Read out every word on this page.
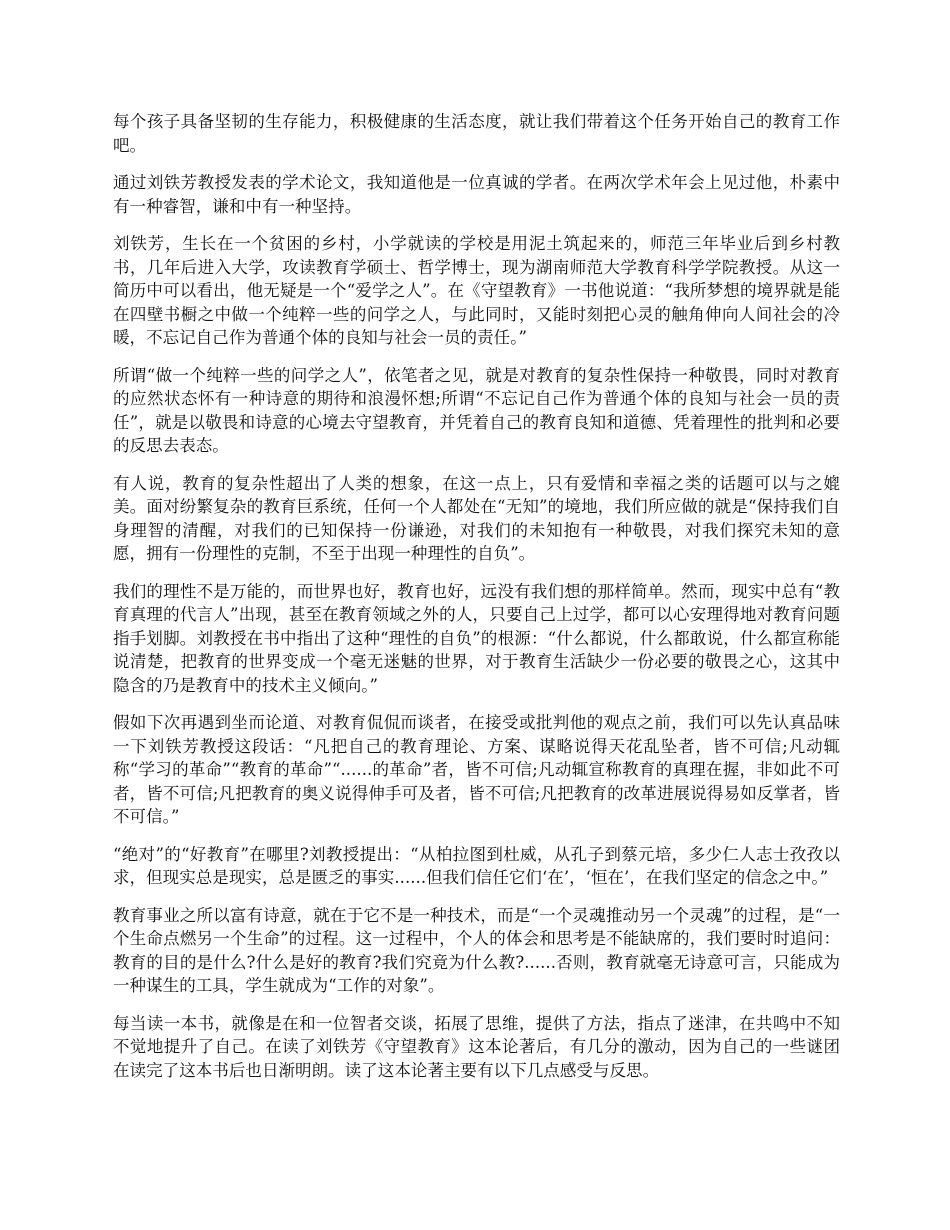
每个孩子具备坚韧的生存能力，积极健康的生活态度，就让我们带着这个任务开始自己的教育工作吧。

通过刘铁芳教授发表的学术论文，我知道他是一位真诚的学者。在两次学术年会上见过他，朴素中有一种睿智，谦和中有一种坚持。

刘铁芳，生长在一个贫困的乡村，小学就读的学校是用泥土筑起来的，师范三年毕业后到乡村教书，几年后进入大学，攻读教育学硕士、哲学博士，现为湖南师范大学教育科学学院教授。从这一简历中可以看出，他无疑是一个“爱学之人”。在《守望教育》一书他说道：“我所梦想的境界就是能在四壁书橱之中做一个纯粹一些的问学之人，与此同时，又能时刻把心灵的触角伸向人间社会的冷暖，不忘记自己作为普通个体的良知与社会一员的责任。”

所谓“做一个纯粹一些的问学之人”，依笔者之见，就是对教育的复杂性保持一种敬畏，同时对教育的应然状态怀有一种诗意的期待和浪漫怀想;所谓“不忘记自己作为普通个体的良知与社会一员的责任”，就是以敬畏和诗意的心境去守望教育，并凭着自己的教育良知和道德、凭着理性的批判和必要的反思去表态。

有人说，教育的复杂性超出了人类的想象，在这一点上，只有爱情和幸福之类的话题可以与之媲美。面对纷繁复杂的教育巨系统，任何一个人都处在“无知”的境地，我们所应做的就是“保持我们自身理智的清醒，对我们的已知保持一份谦逊，对我们的未知抱有一种敬畏，对我们探究未知的意愿，拥有一份理性的克制，不至于出现一种理性的自负”。

我们的理性不是万能的，而世界也好，教育也好，远没有我们想的那样简单。然而，现实中总有“教育真理的代言人”出现，甚至在教育领域之外的人，只要自己上过学，都可以心安理得地对教育问题指手划脚。刘教授在书中指出了这种“理性的自负”的根源：“什么都说，什么都敢说，什么都宣称能说清楚，把教育的世界变成一个毫无迷魅的世界，对于教育生活缺少一份必要的敬畏之心，这其中隐含的乃是教育中的技术主义倾向。”

假如下次再遇到坐而论道、对教育侃侃而谈者，在接受或批判他的观点之前，我们可以先认真品味一下刘铁芳教授这段话：“凡把自己的教育理论、方案、谋略说得天花乱坠者，皆不可信;凡动辄称“学习的革命”“教育的革命”“......的革命”者，皆不可信;凡动辄宣称教育的真理在握，非如此不可者，皆不可信;凡把教育的奥义说得伸手可及者，皆不可信;凡把教育的改革进展说得易如反掌者，皆不可信。”

“绝对”的“好教育”在哪里?刘教授提出：“从柏拉图到杜威，从孔子到蔡元培，多少仁人志士孜孜以求，但现实总是现实，总是匮乏的事实......但我们信任它们‘在’，‘恒在’，在我们坚定的信念之中。”

教育事业之所以富有诗意，就在于它不是一种技术，而是“一个灵魂推动另一个灵魂”的过程，是“一个生命点燃另一个生命”的过程。这一过程中，个人的体会和思考是不能缺席的，我们要时时追问：教育的目的是什么?什么是好的教育?我们究竟为什么教?......否则，教育就毫无诗意可言，只能成为一种谋生的工具，学生就成为“工作的对象”。

每当读一本书，就像是在和一位智者交谈，拓展了思维，提供了方法，指点了迷津，在共鸣中不知不觉地提升了自己。在读了刘铁芳《守望教育》这本论著后，有几分的激动，因为自己的一些谜团在读完了这本书后也日渐明朗。读了这本论著主要有以下几点感受与反思。
